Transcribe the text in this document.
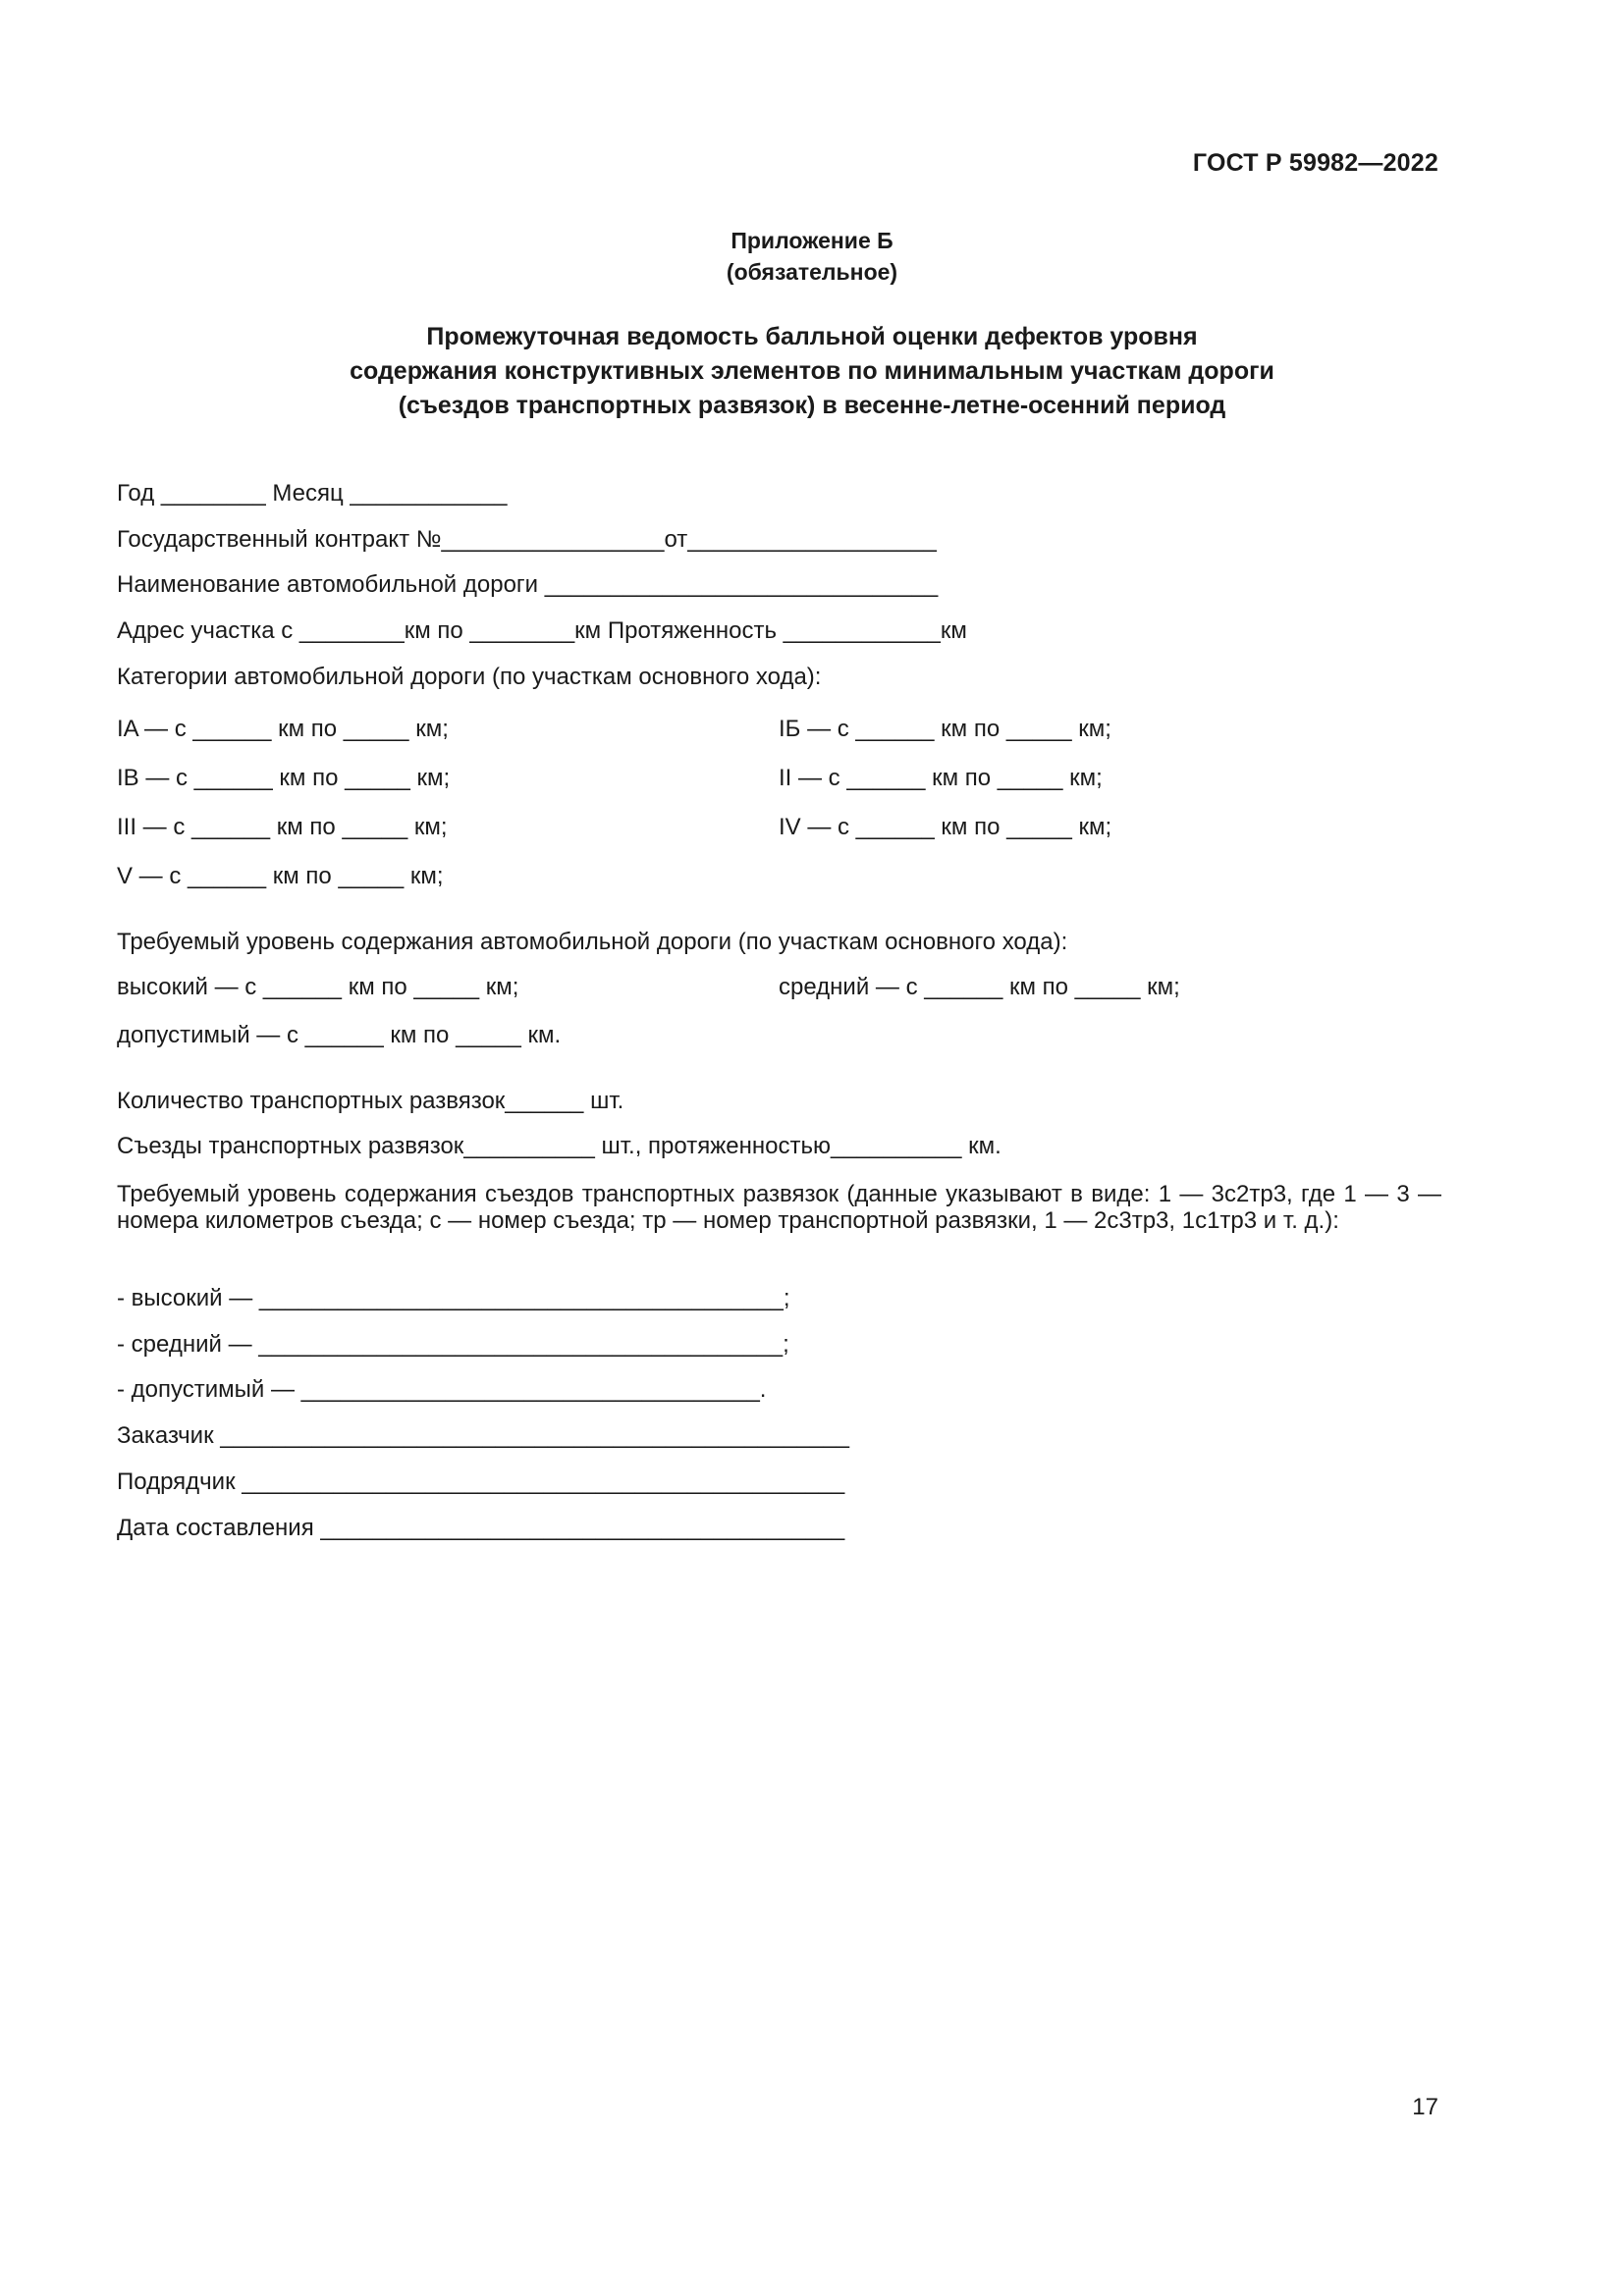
ГОСТ Р 59982—2022
Приложение Б
(обязательное)
Промежуточная ведомость балльной оценки дефектов уровня
содержания конструктивных элементов по минимальным участкам дороги
(съездов транспортных развязок) в весенне-летне-осенний период
Год ________ Месяц ____________
Государственный контракт №_________________от___________________
Наименование автомобильной дороги ______________________________
Адрес участка с ________км по ________км Протяженность ____________км
Категории автомобильной дороги (по участкам основного хода):
IA — с ______ км по _____ км;	IБ — с ______ км по _____ км;
IВ — с ______ км по _____ км;	II — с ______ км по _____ км;
III — с ______ км по _____ км;	IV — с ______ км по _____ км;
V — с ______ км по _____ км;
Требуемый уровень содержания автомобильной дороги (по участкам основного хода):
высокий — с ______ км по _____ км;	средний — с ______ км по _____ км;
допустимый — с ______ км по _____ км.
Количество транспортных развязок______ шт.
Съезды транспортных развязок__________ шт., протяженностью__________ км.
Требуемый уровень содержания съездов транспортных развязок (данные указывают в виде: 1 — 3с2тр3, где 1 — 3 — номера километров съезда; с — номер съезда; тр — номер транспортной развязки, 1 — 2с3тр3, 1с1тр3 и т. д.):
- высокий — ________________________________________;
- средний — ________________________________________;
- допустимый — ___________________________________.
Заказчик ________________________________________________
Подрядчик ______________________________________________
Дата составления ________________________________________
17
